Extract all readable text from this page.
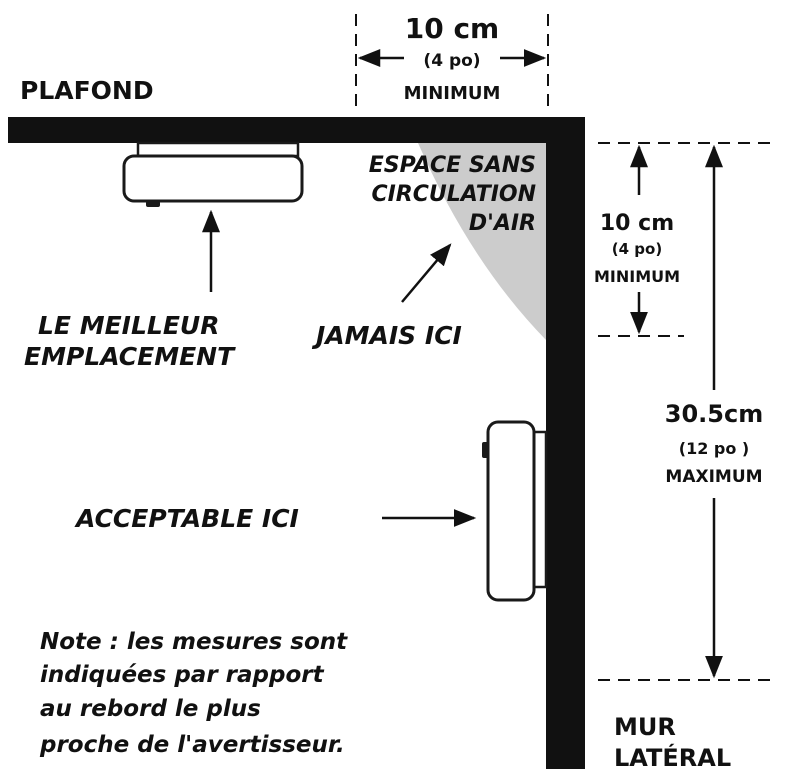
10 cm
(4 po)
MINIMUM
10 cm
(4 po)
MINIMUM
30.5cm
(12 po )
MAXIMUM
PLAFOND
MUR
LATÉRAL
ESPACE SANS
CIRCULATION
D'AIR
LE MEILLEUR
EMPLACEMENT
JAMAIS ICI
ACCEPTABLE ICI
Note : les mesures sont
indiquées par rapport
au rebord le plus
proche de l'avertisseur.
